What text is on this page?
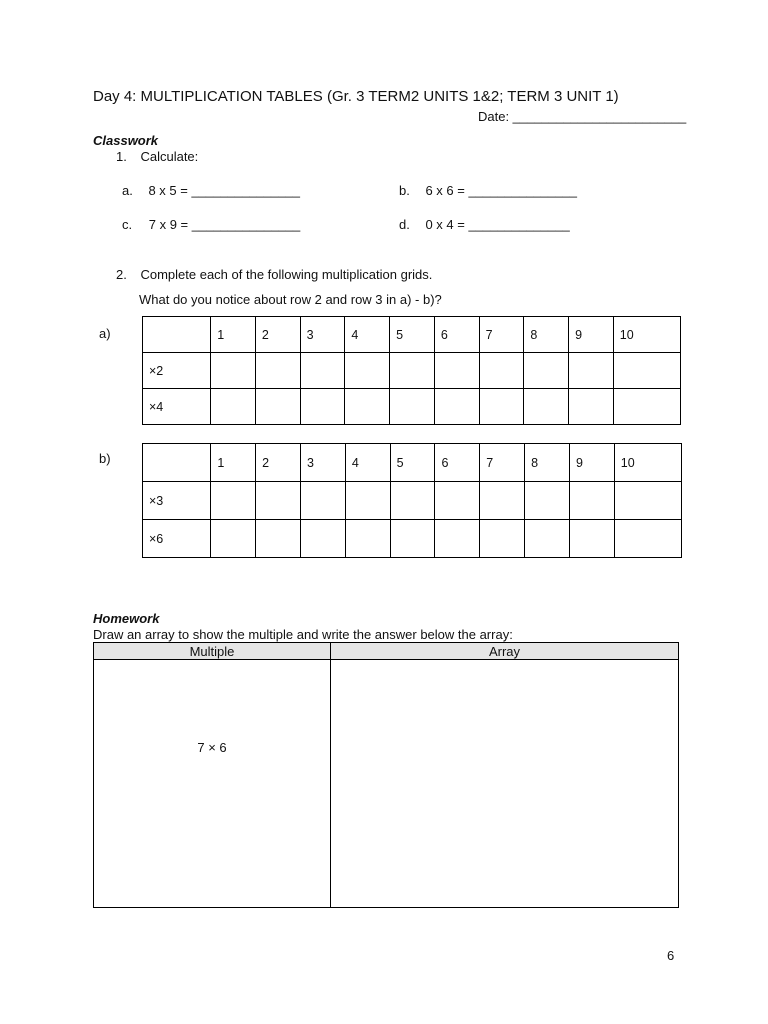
Day 4: MULTIPLICATION TABLES (Gr. 3 TERM2 UNITS 1&2; TERM 3 UNIT 1)
Date: ________________________
Classwork
1. Calculate:
a. 8 x 5 = _______________	b. 6 x 6 = _______________
c. 7 x 9 = _______________	d. 0 x 4 = ______________
2. Complete each of the following multiplication grids.
What do you notice about row 2 and row 3 in a) - b)?
a)
		1	2	3	4	5	6	7	8	9	10
×2										
×4										
b)
		1	2	3	4	5	6	7	8	9	10
×3										
×6										
Homework
Draw an array to show the multiple and write the answer below the array:
Multiple	Array

7 × 6	

6
